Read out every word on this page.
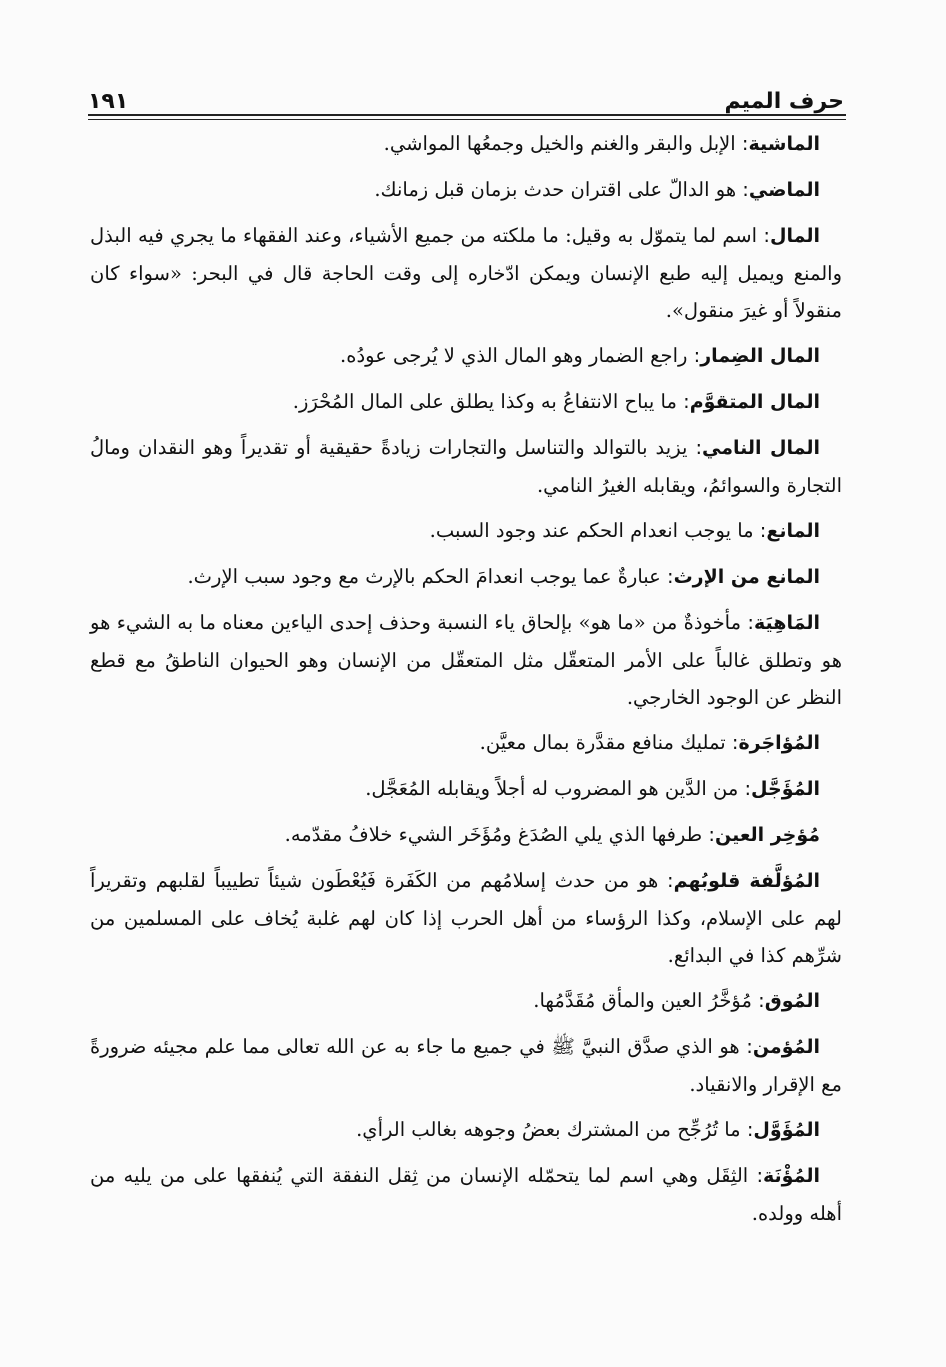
حرف الميم
١٩١

الماشية: الإبل والبقر والغنم والخيل وجمعُها المواشي.

الماضي: هو الدالّ على اقتران حدث بزمان قبل زمانك.

المال: اسم لما يتموّل به وقيل: ما ملكته من جميع الأشياء، وعند الفقهاء ما يجري فيه البذل والمنع ويميل إليه طبع الإنسان ويمكن ادّخاره إلى وقت الحاجة قال في البحر: «سواء كان منقولاً أو غيرَ منقول».

المال الضِمار: راجع الضمار وهو المال الذي لا يُرجى عودُه.

المال المتقوَّم: ما يباح الانتفاعُ به وكذا يطلق على المال المُحْرَز.

المال النامي: يزيد بالتوالد والتناسل والتجارات زيادةً حقيقية أو تقديراً وهو النقدان ومالُ التجارة والسوائمُ، ويقابله الغيرُ النامي.

المانع: ما يوجب انعدام الحكم عند وجود السبب.

المانع من الإرث: عبارةٌ عما يوجب انعدامَ الحكم بالإرث مع وجود سبب الإرث.

المَاهِيَة: مأخوذةٌ من «ما هو» بإلحاق ياء النسبة وحذف إحدى الياءين معناه ما به الشيء هو هو وتطلق غالباً على الأمر المتعقّل مثل المتعقّل من الإنسان وهو الحيوان الناطقُ مع قطع النظر عن الوجود الخارجي.

المُؤاجَرة: تمليك منافع مقدَّرة بمال معيَّن.

المُؤَجَّل: من الدَّين هو المضروب له أجلاً ويقابله المُعَجَّل.

مُؤخِر العين: طرفها الذي يلي الصُدَغ ومُؤَخَر الشيء خلافُ مقدّمه.

المُؤلَّفة قلوبُهم: هو من حدث إسلامُهم من الكَفَرة فَيُعْطَون شيئاً تطييباً لقلبهم وتقريراً لهم على الإسلام، وكذا الرؤساء من أهل الحرب إذا كان لهم غلبة يُخاف على المسلمين من شرِّهم كذا في البدائع.

المُوق: مُؤخَّرُ العين والمأق مُقَدَّمُها.

المُؤمن: هو الذي صدَّق النبيَّ ﷺ في جميع ما جاء به عن الله تعالى مما علم مجيئه ضرورةً مع الإقرار والانقياد.

المُؤَوَّل: ما تُرُجِّح من المشترك بعضُ وجوهه بغالب الرأي.

المُؤْنَة: الثِقَل وهي اسم لما يتحمّله الإنسان من ثِقل النفقة التي يُنفقها على من يليه من أهله وولده.
